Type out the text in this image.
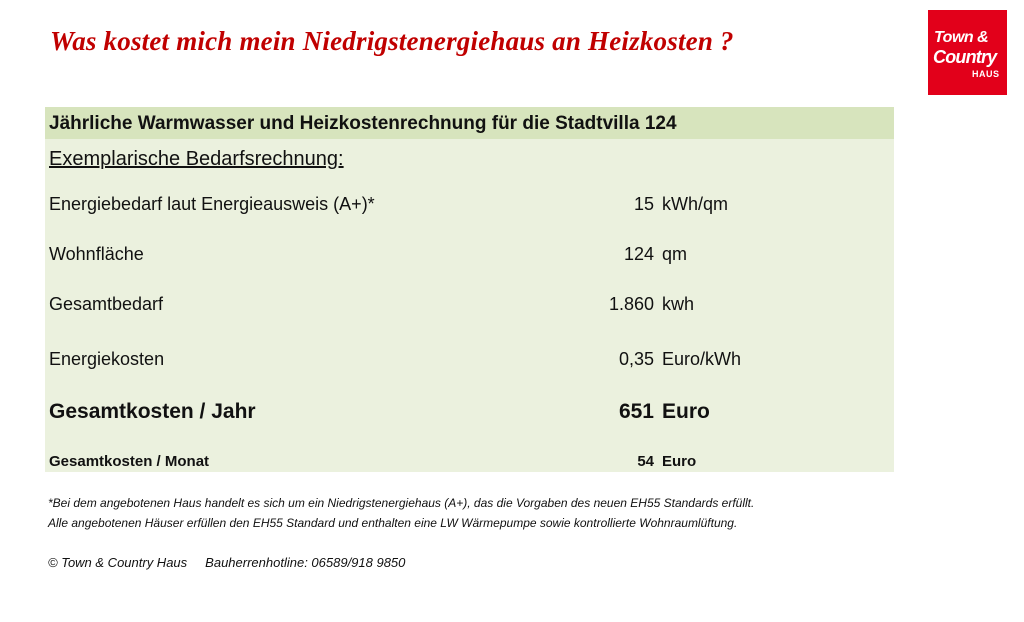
Was kostet mich mein Niedrigstenergiehaus an Heizkosten ?	Town &
Country
HAUS
Jährliche Warmwasser und Heizkostenrechnung für die Stadtvilla 124
Exemplarische Bedarfsrechnung:
Energiebedarf laut Energieausweis (A+)*	15 kWh/qm
Wohnfläche	124 qm
Gesamtbedarf	1.860 kwh
Energiekosten	0,35 Euro/kWh
Gesamtkosten / Jahr	651 Euro
Gesamtkosten / Monat	54 Euro
*Bei dem angebotenen Haus handelt es sich um ein Niedrigstenergiehaus (A+), das die Vorgaben des neuen EH55 Standards erfüllt.
Alle angebotenen Häuser erfüllen den EH55 Standard und enthalten eine LW Wärmepumpe sowie kontrollierte Wohnraumlüftung.
© Town & Country Haus Bauherrenhotline: 06589/918 9850
